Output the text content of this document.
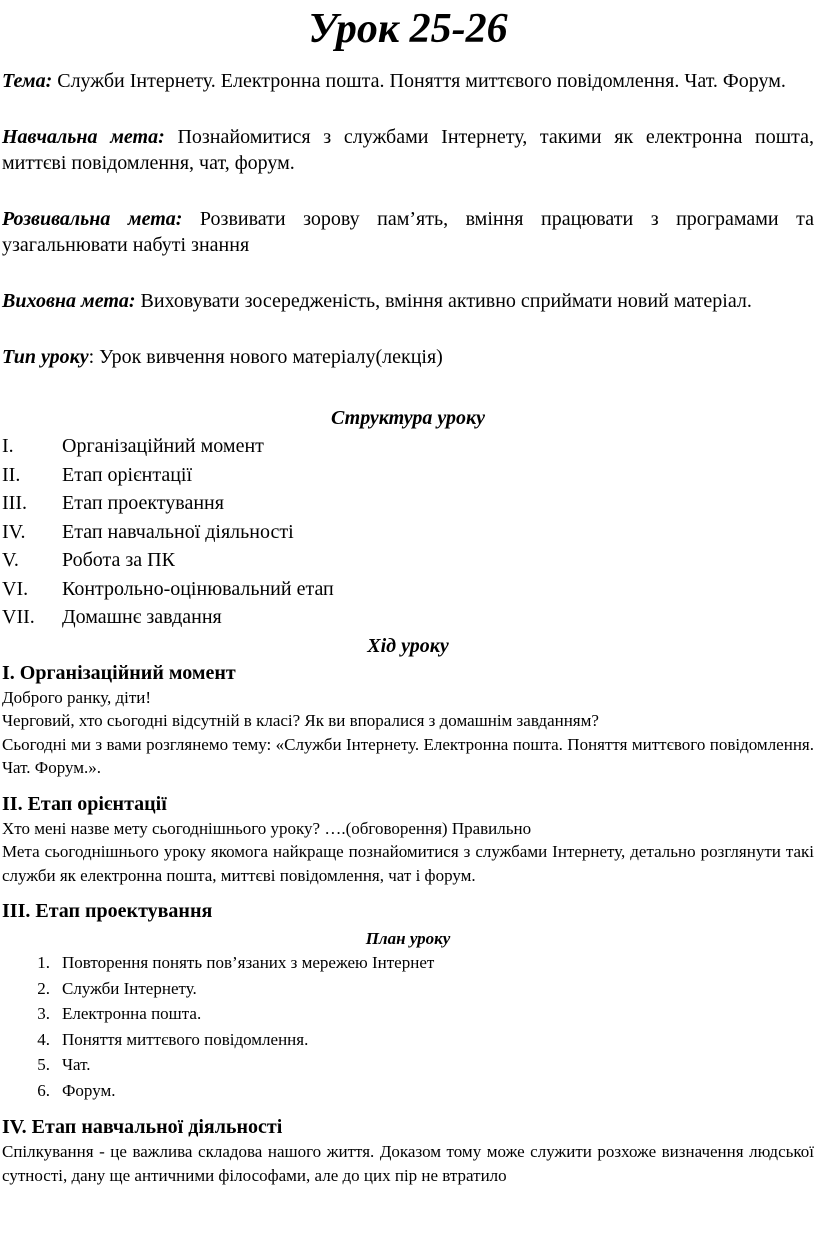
Урок 25-26

Тема: Служби Інтернету. Електронна пошта. Поняття миттєвого повідомлення. Чат. Форум.

Навчальна мета: Познайомитися з службами Інтернету, такими як електронна пошта, миттєві повідомлення, чат, форум.

Розвивальна мета: Розвивати зорову пам’ять, вміння працювати з програмами та узагальнювати набуті знання

Виховна мета: Виховувати зосередженість, вміння активно сприймати новий матеріал.

Тип уроку: Урок вивчення нового матеріалу(лекція)

Структура уроку
I.	Організаційний момент
II.	Етап орієнтації
III.	Етап проектування
IV.	Етап навчальної діяльності
V.	Робота за ПК
VI.	Контрольно-оцінювальний етап
VII.	Домашнє завдання
Хід уроку
I. Організаційний момент

Доброго ранку, діти!

Черговий, хто сьогодні відсутній в класі? Як ви впоралися з домашнім завданням?

Сьогодні ми з вами розглянемо тему: «Служби Інтернету. Електронна пошта. Поняття миттєвого повідомлення. Чат. Форум.».

II. Етап орієнтації

Хто мені назве мету сьогоднішнього уроку? ….(обговорення) Правильно

Мета сьогоднішнього уроку якомога найкраще познайомитися з службами Інтернету, детально розглянути такі служби як електронна пошта, миттєві повідомлення, чат і форум.

III. Етап проектування

План уроку

1. Повторення понять пов’язаних з мережею Інтернет
2. Служби Інтернету.
3. Електронна пошта.
4. Поняття миттєвого повідомлення.
5. Чат.
6. Форум.
IV. Етап навчальної діяльності

Спілкування - це важлива складова нашого життя. Доказом тому може служити розхоже визначення людської сутності, дану ще античними філософами, але до цих пір не втратило
